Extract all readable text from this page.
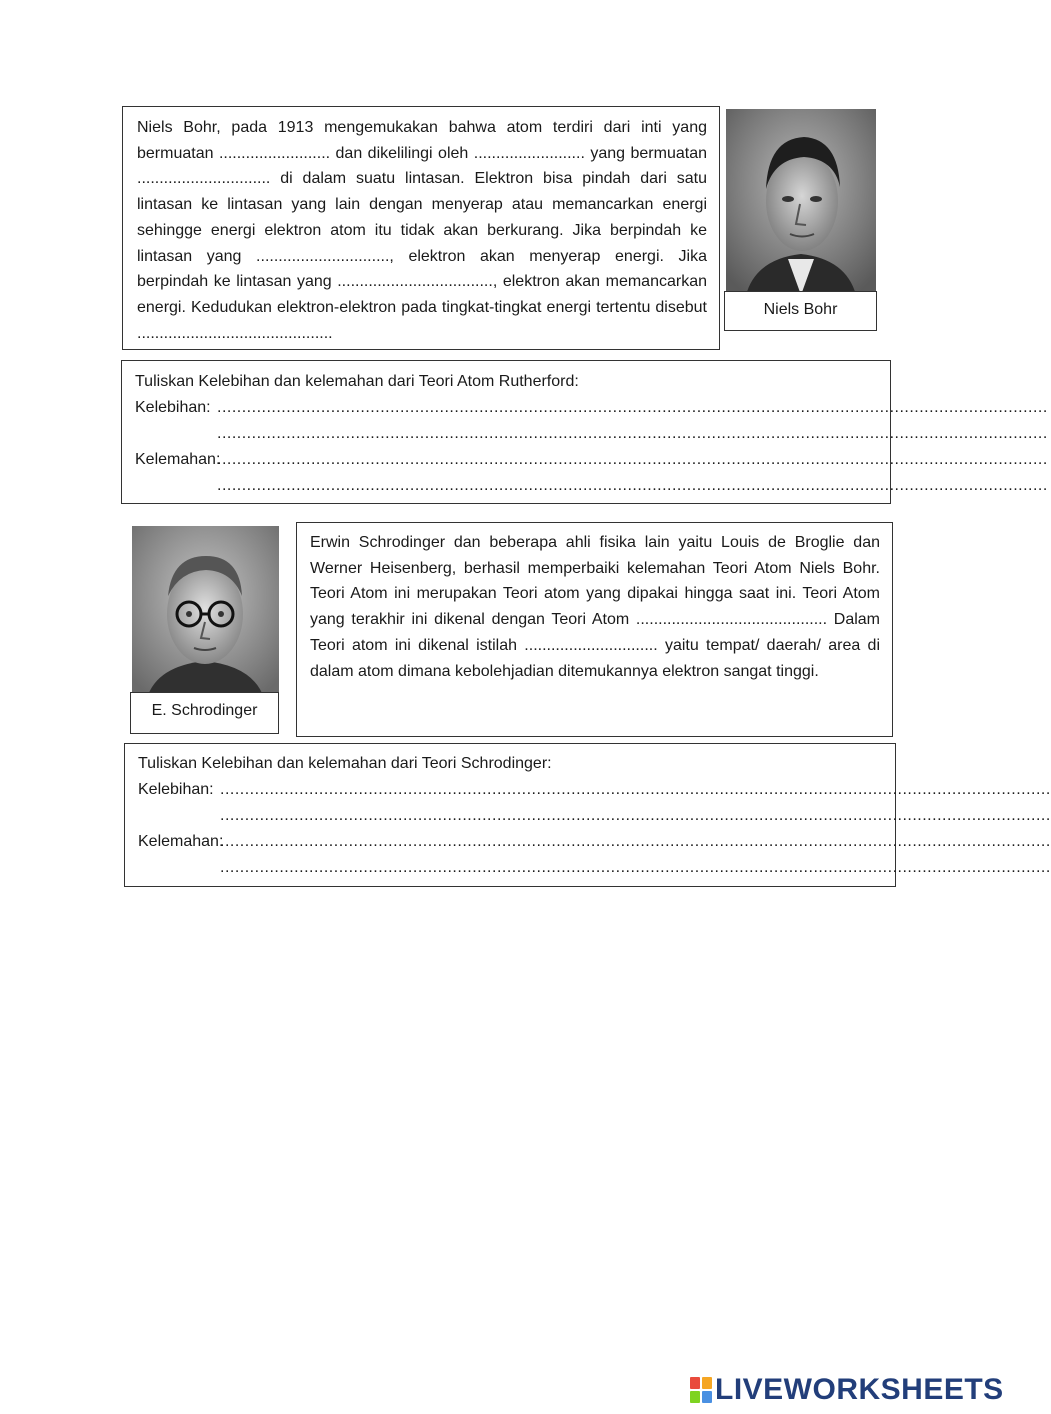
Niels Bohr, pada 1913 mengemukakan bahwa atom terdiri dari inti yang bermuatan ......................... dan dikelilingi oleh ......................... yang bermuatan .............................. di dalam suatu lintasan. Elektron bisa pindah dari satu lintasan ke lintasan yang lain dengan menyerap atau memancarkan energi sehingge energi elektron atom itu tidak akan berkurang. Jika berpindah ke lintasan yang .............................., elektron akan menyerap energi. Jika berpindah ke lintasan yang ..................................., elektron akan memancarkan energi. Kedudukan elektron-elektron pada tingkat-tingkat energi tertentu disebut ............................................

Niels Bohr

Tuliskan Kelebihan dan kelemahan dari Teori Atom Rutherford:

Kelebihan: ........................................................................................................................................................................
........................................................................................................................................................................
Kelemahan:
........................................................................................................................................................................
........................................................................................................................................................................
E. Schrodinger

Erwin Schrodinger dan beberapa ahli fisika lain yaitu Louis de Broglie dan Werner Heisenberg, berhasil memperbaiki kelemahan Teori Atom Niels Bohr. Teori Atom ini merupakan Teori atom yang dipakai hingga saat ini. Teori Atom yang terakhir ini dikenal dengan Teori Atom ........................................... Dalam Teori atom ini dikenal istilah .............................. yaitu tempat/ daerah/ area di dalam atom dimana kebolehjadian ditemukannya elektron sangat tinggi.

Tuliskan Kelebihan dan kelemahan dari Teori Schrodinger:

Kelebihan: ........................................................................................................................................................................
........................................................................................................................................................................
Kelemahan:
........................................................................................................................................................................
........................................................................................................................................................................
LIVEWORKSHEETS
